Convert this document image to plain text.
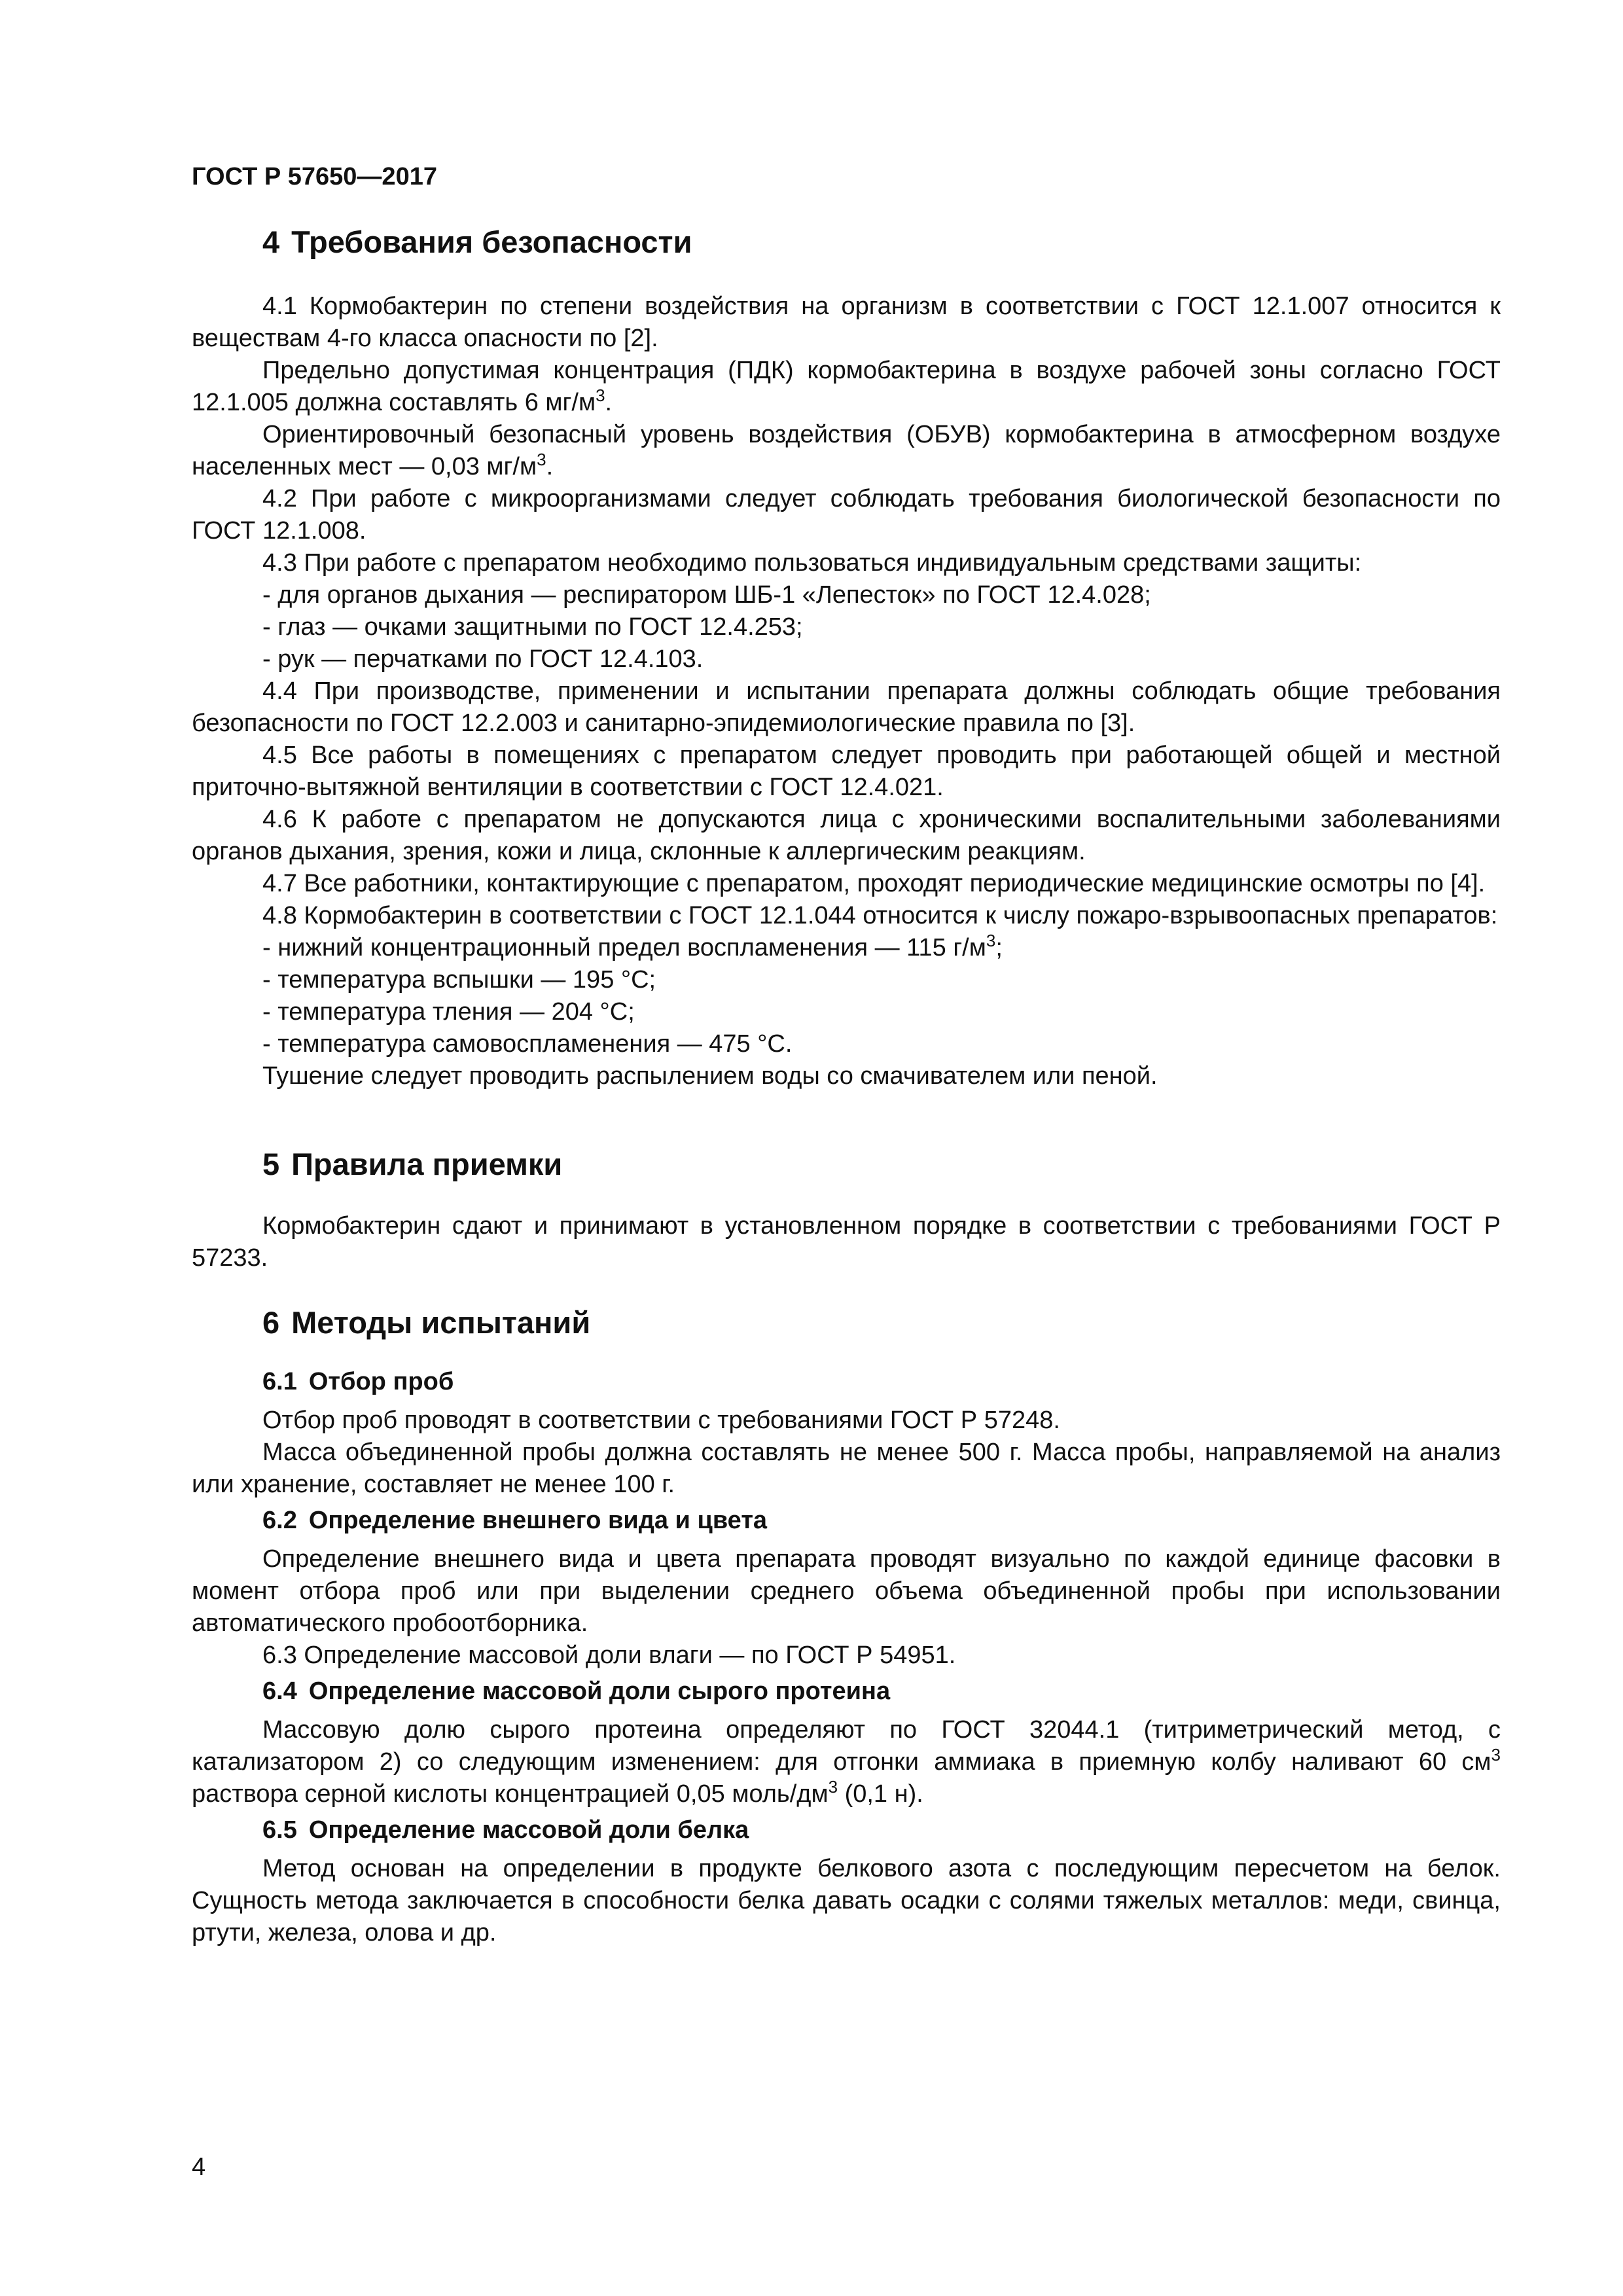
ГОСТ Р 57650—2017
4 Требования безопасности

4.1 Кормобактерин по степени воздействия на организм в соответствии с ГОСТ 12.1.007 относится к веществам 4-го класса опасности по [2].

Предельно допустимая концентрация (ПДК) кормобактерина в воздухе рабочей зоны согласно ГОСТ 12.1.005 должна составлять 6 $мг/м^3$.

Ориентировочный безопасный уровень воздействия (ОБУВ) кормобактерина в атмосферном воздухе населенных мест — 0,03 $мг/м^3$.

4.2 При работе с микроорганизмами следует соблюдать требования биологической безопасности по ГОСТ 12.1.008.

4.3 При работе с препаратом необходимо пользоваться индивидуальным средствами защиты:

- для органов дыхания — респиратором ШБ-1 «Лепесток» по ГОСТ 12.4.028;

- глаз — очками защитными по ГОСТ 12.4.253;

- рук — перчатками по ГОСТ 12.4.103.

4.4 При производстве, применении и испытании препарата должны соблюдать общие требования безопасности по ГОСТ 12.2.003 и санитарно-эпидемиологические правила по [3].

4.5 Все работы в помещениях с препаратом следует проводить при работающей общей и местной приточно-вытяжной вентиляции в соответствии с ГОСТ 12.4.021.

4.6 К работе с препаратом не допускаются лица с хроническими воспалительными заболеваниями органов дыхания, зрения, кожи и лица, склонные к аллергическим реакциям.

4.7 Все работники, контактирующие с препаратом, проходят периодические медицинские осмотры по [4].

4.8 Кормобактерин в соответствии с ГОСТ 12.1.044 относится к числу пожаро-взрывоопасных препаратов:

- нижний концентрационный предел воспламенения — 115 $г/м^3$;

- температура вспышки — 195 °C;

- температура тления — 204 °C;

- температура самовоспламенения — 475 °C.

Тушение следует проводить распылением воды со смачивателем или пеной.

5 Правила приемки

Кормобактерин сдают и принимают в установленном порядке в соответствии с требованиями ГОСТ Р 57233.

6 Методы испытаний
6.1 Отбор проб

Отбор проб проводят в соответствии с требованиями ГОСТ Р 57248.

Масса объединенной пробы должна составлять не менее 500 г. Масса пробы, направляемой на анализ или хранение, составляет не менее 100 г.

6.2 Определение внешнего вида и цвета

Определение внешнего вида и цвета препарата проводят визуально по каждой единице фасовки в момент отбора проб или при выделении среднего объема объединенной пробы при использовании автоматического пробоотборника.

6.3 Определение массовой доли влаги — по ГОСТ Р 54951.

6.4 Определение массовой доли сырого протеина

Массовую долю сырого протеина определяют по ГОСТ 32044.1 (титриметрический метод, с катализатором 2) со следующим изменением: для отгонки аммиака в приемную колбу наливают 60 $см^3$ раствора серной кислоты концентрацией 0,05 моль/$дм^3$ (0,1 н).

6.5 Определение массовой доли белка

Метод основан на определении в продукте белкового азота с последующим пересчетом на белок. Сущность метода заключается в способности белка давать осадки с солями тяжелых металлов: меди, свинца, ртути, железа, олова и др.

4
